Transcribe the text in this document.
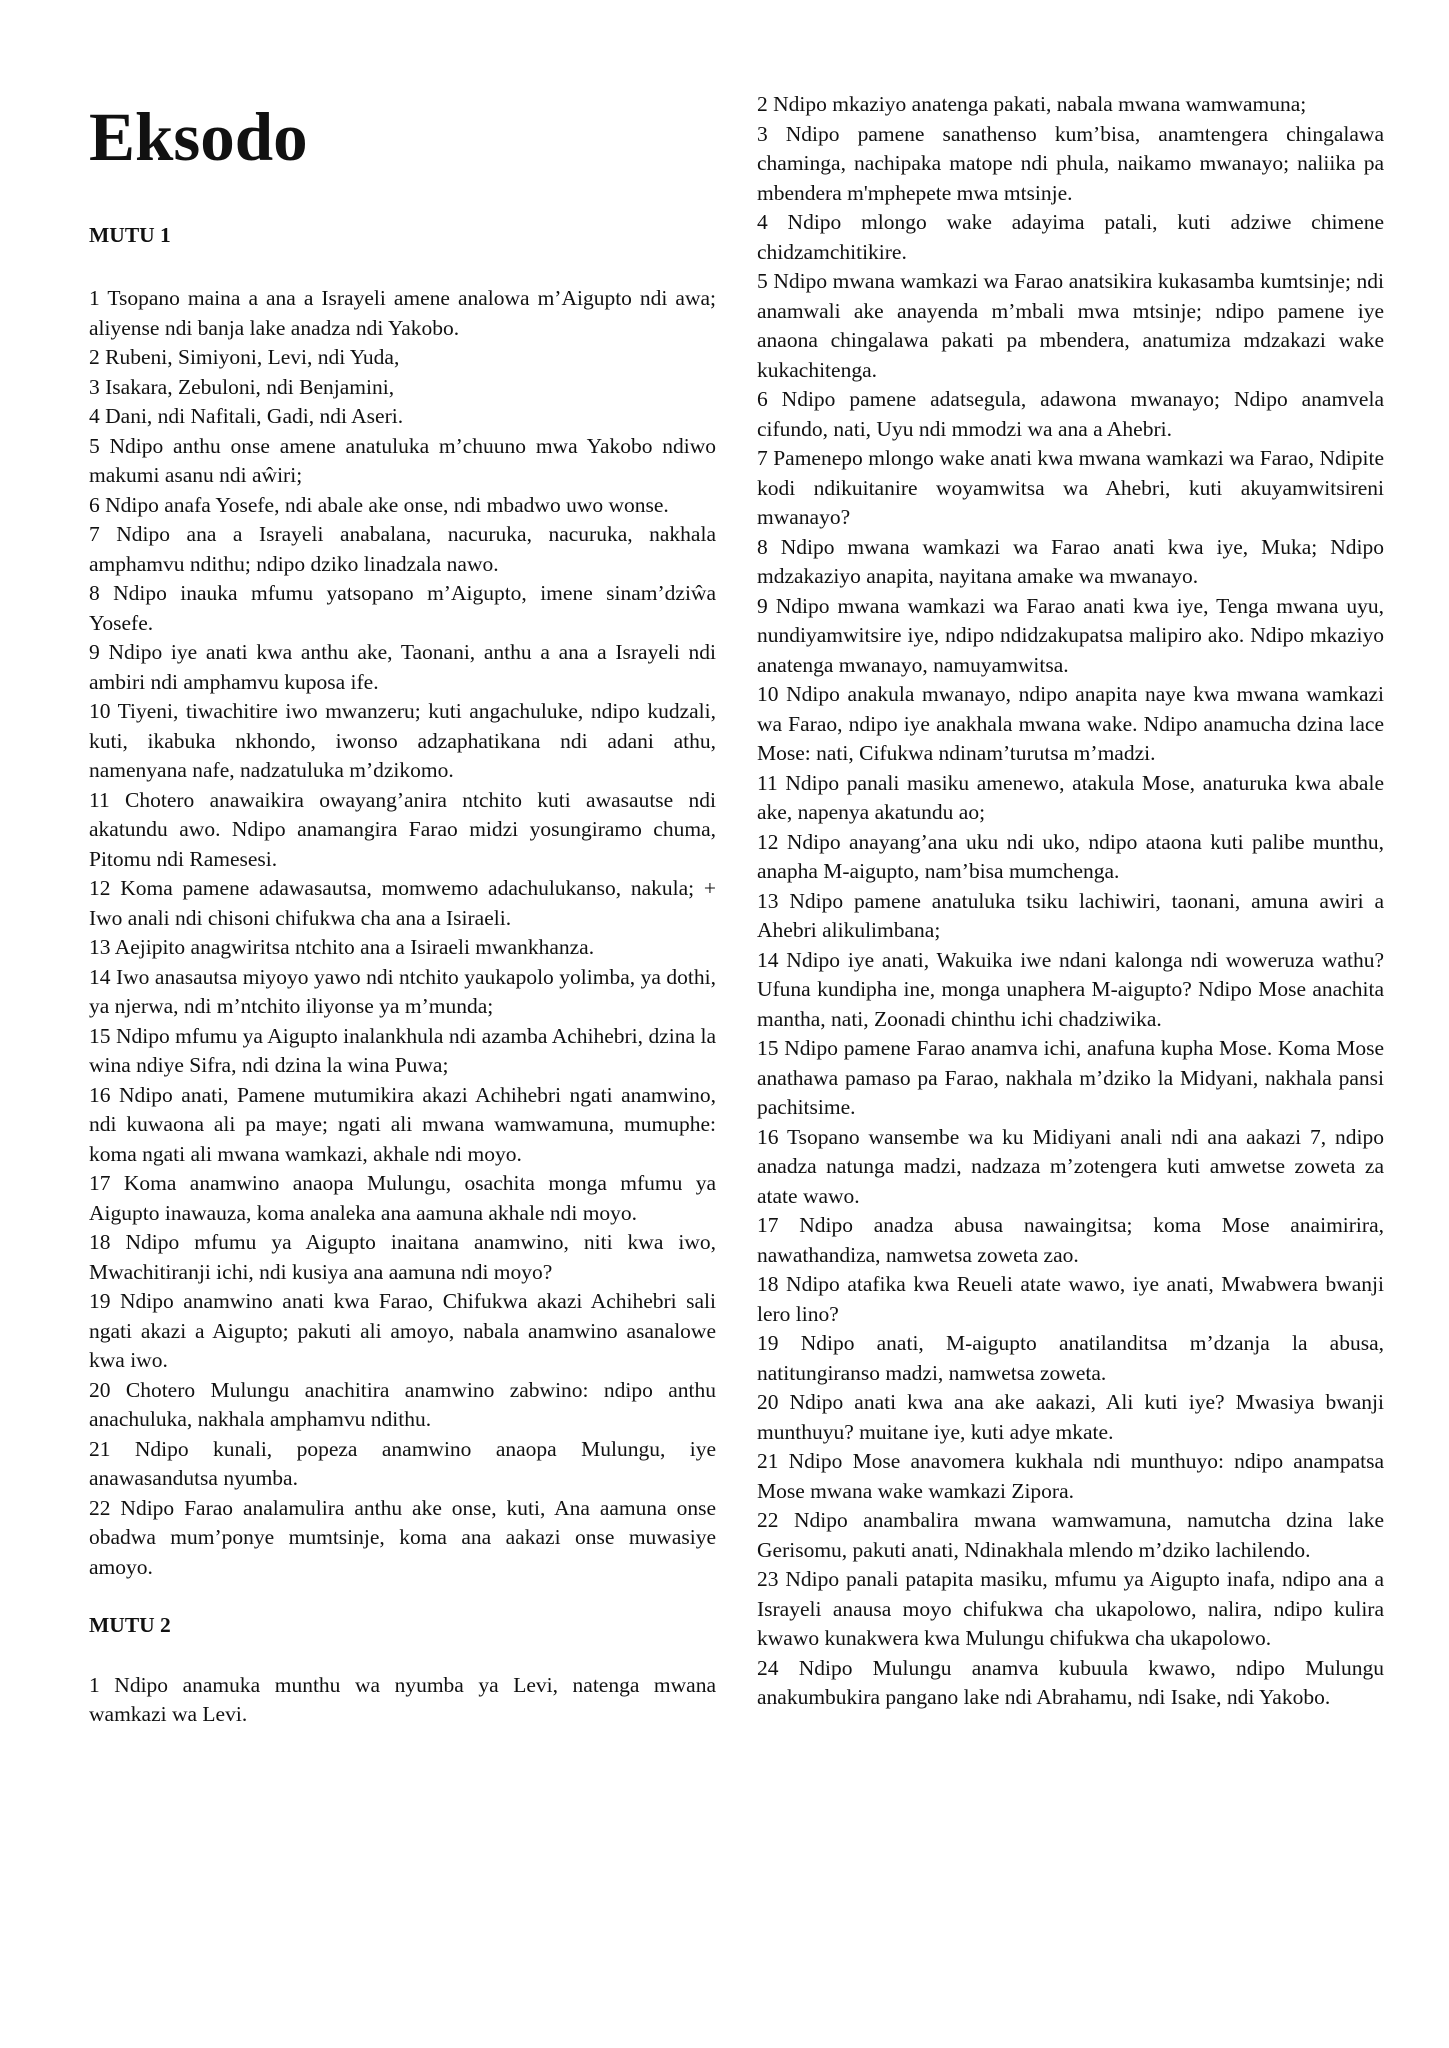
Eksodo
MUTU 1

1 Tsopano maina a ana a Israyeli amene analowa m’Aigupto ndi awa; aliyense ndi banja lake anadza ndi Yakobo.

2 Rubeni, Simiyoni, Levi, ndi Yuda,

3 Isakara, Zebuloni, ndi Benjamini,

4 Dani, ndi Nafitali, Gadi, ndi Aseri.

5 Ndipo anthu onse amene anatuluka m’chuuno mwa Yakobo ndiwo makumi asanu ndi aŵiri;

6 Ndipo anafa Yosefe, ndi abale ake onse, ndi mbadwo uwo wonse.

7 Ndipo ana a Israyeli anabalana, nacuruka, nacuruka, nakhala amphamvu ndithu; ndipo dziko linadzala nawo.

8 Ndipo inauka mfumu yatsopano m’Aigupto, imene sinam’dziŵa Yosefe.

9 Ndipo iye anati kwa anthu ake, Taonani, anthu a ana a Israyeli ndi ambiri ndi amphamvu kuposa ife.

10 Tiyeni, tiwachitire iwo mwanzeru; kuti angachuluke, ndipo kudzali, kuti, ikabuka nkhondo, iwonso adzaphatikana ndi adani athu, namenyana nafe, nadzatuluka m’dzikomo.

11 Chotero anawaikira owayang’anira ntchito kuti awasautse ndi akatundu awo. Ndipo anamangira Farao midzi yosungiramo chuma, Pitomu ndi Ramesesi.

12 Koma pamene adawasautsa, momwemo adachulukanso, nakula; + Iwo anali ndi chisoni chifukwa cha ana a Isiraeli.

13 Aejipito anagwiritsa ntchito ana a Isiraeli mwankhanza.

14 Iwo anasautsa miyoyo yawo ndi ntchito yaukapolo yolimba, ya dothi, ya njerwa, ndi m’ntchito iliyonse ya m’munda;

15 Ndipo mfumu ya Aigupto inalankhula ndi azamba Achihebri, dzina la wina ndiye Sifra, ndi dzina la wina Puwa;

16 Ndipo anati, Pamene mutumikira akazi Achihebri ngati anamwino, ndi kuwaona ali pa maye; ngati ali mwana wamwamuna, mumuphe: koma ngati ali mwana wamkazi, akhale ndi moyo.

17 Koma anamwino anaopa Mulungu, osachita monga mfumu ya Aigupto inawauza, koma analeka ana aamuna akhale ndi moyo.

18 Ndipo mfumu ya Aigupto inaitana anamwino, niti kwa iwo, Mwachitiranji ichi, ndi kusiya ana aamuna ndi moyo?

19 Ndipo anamwino anati kwa Farao, Chifukwa akazi Achihebri sali ngati akazi a Aigupto; pakuti ali amoyo, nabala anamwino asanalowe kwa iwo.

20 Chotero Mulungu anachitira anamwino zabwino: ndipo anthu anachuluka, nakhala amphamvu ndithu.

21 Ndipo kunali, popeza anamwino anaopa Mulungu, iye anawasandutsa nyumba.

22 Ndipo Farao analamulira anthu ake onse, kuti, Ana aamuna onse obadwa mum’ponye mumtsinje, koma ana aakazi onse muwasiye amoyo.

MUTU 2

1 Ndipo anamuka munthu wa nyumba ya Levi, natenga mwana wamkazi wa Levi.

2 Ndipo mkaziyo anatenga pakati, nabala mwana wamwamuna;

3 Ndipo pamene sanathenso kum’bisa, anamtengera chingalawa chaminga, nachipaka matope ndi phula, naikamo mwanayo; naliika pa mbendera m'mphepete mwa mtsinje.

4 Ndipo mlongo wake adayima patali, kuti adziwe chimene chidzamchitikire.

5 Ndipo mwana wamkazi wa Farao anatsikira kukasamba kumtsinje; ndi anamwali ake anayenda m’mbali mwa mtsinje; ndipo pamene iye anaona chingalawa pakati pa mbendera, anatumiza mdzakazi wake kukachitenga.

6 Ndipo pamene adatsegula, adawona mwanayo; Ndipo anamvela cifundo, nati, Uyu ndi mmodzi wa ana a Ahebri.

7 Pamenepo mlongo wake anati kwa mwana wamkazi wa Farao, Ndipite kodi ndikuitanire woyamwitsa wa Ahebri, kuti akuyamwitsireni mwanayo?

8 Ndipo mwana wamkazi wa Farao anati kwa iye, Muka; Ndipo mdzakaziyo anapita, nayitana amake wa mwanayo.

9 Ndipo mwana wamkazi wa Farao anati kwa iye, Tenga mwana uyu, nundiyamwitsire iye, ndipo ndidzakupatsa malipiro ako. Ndipo mkaziyo anatenga mwanayo, namuyamwitsa.

10 Ndipo anakula mwanayo, ndipo anapita naye kwa mwana wamkazi wa Farao, ndipo iye anakhala mwana wake. Ndipo anamucha dzina lace Mose: nati, Cifukwa ndinam’turutsa m’madzi.

11 Ndipo panali masiku amenewo, atakula Mose, anaturuka kwa abale ake, napenya akatundu ao;

12 Ndipo anayang’ana uku ndi uko, ndipo ataona kuti palibe munthu, anapha M-aigupto, nam’bisa mumchenga.

13 Ndipo pamene anatuluka tsiku lachiwiri, taonani, amuna awiri a Ahebri alikulimbana;

14 Ndipo iye anati, Wakuika iwe ndani kalonga ndi woweruza wathu? Ufuna kundipha ine, monga unaphera M-aigupto? Ndipo Mose anachita mantha, nati, Zoonadi chinthu ichi chadziwika.

15 Ndipo pamene Farao anamva ichi, anafuna kupha Mose. Koma Mose anathawa pamaso pa Farao, nakhala m’dziko la Midyani, nakhala pansi pachitsime.

16 Tsopano wansembe wa ku Midiyani anali ndi ana aakazi 7, ndipo anadza natunga madzi, nadzaza m’zotengera kuti amwetse zoweta za atate wawo.

17 Ndipo anadza abusa nawaingitsa; koma Mose anaimirira, nawathandiza, namwetsa zoweta zao.

18 Ndipo atafika kwa Reueli atate wawo, iye anati, Mwabwera bwanji lero lino?

19 Ndipo anati, M-aigupto anatilanditsa m’dzanja la abusa, natitungiranso madzi, namwetsa zoweta.

20 Ndipo anati kwa ana ake aakazi, Ali kuti iye? Mwasiya bwanji munthuyu? muitane iye, kuti adye mkate.

21 Ndipo Mose anavomera kukhala ndi munthuyo: ndipo anampatsa Mose mwana wake wamkazi Zipora.

22 Ndipo anambalira mwana wamwamuna, namutcha dzina lake Gerisomu, pakuti anati, Ndinakhala mlendo m’dziko lachilendo.

23 Ndipo panali patapita masiku, mfumu ya Aigupto inafa, ndipo ana a Israyeli anausa moyo chifukwa cha ukapolowo, nalira, ndipo kulira kwawo kunakwera kwa Mulungu chifukwa cha ukapolowo.

24 Ndipo Mulungu anamva kubuula kwawo, ndipo Mulungu anakumbukira pangano lake ndi Abrahamu, ndi Isake, ndi Yakobo.
